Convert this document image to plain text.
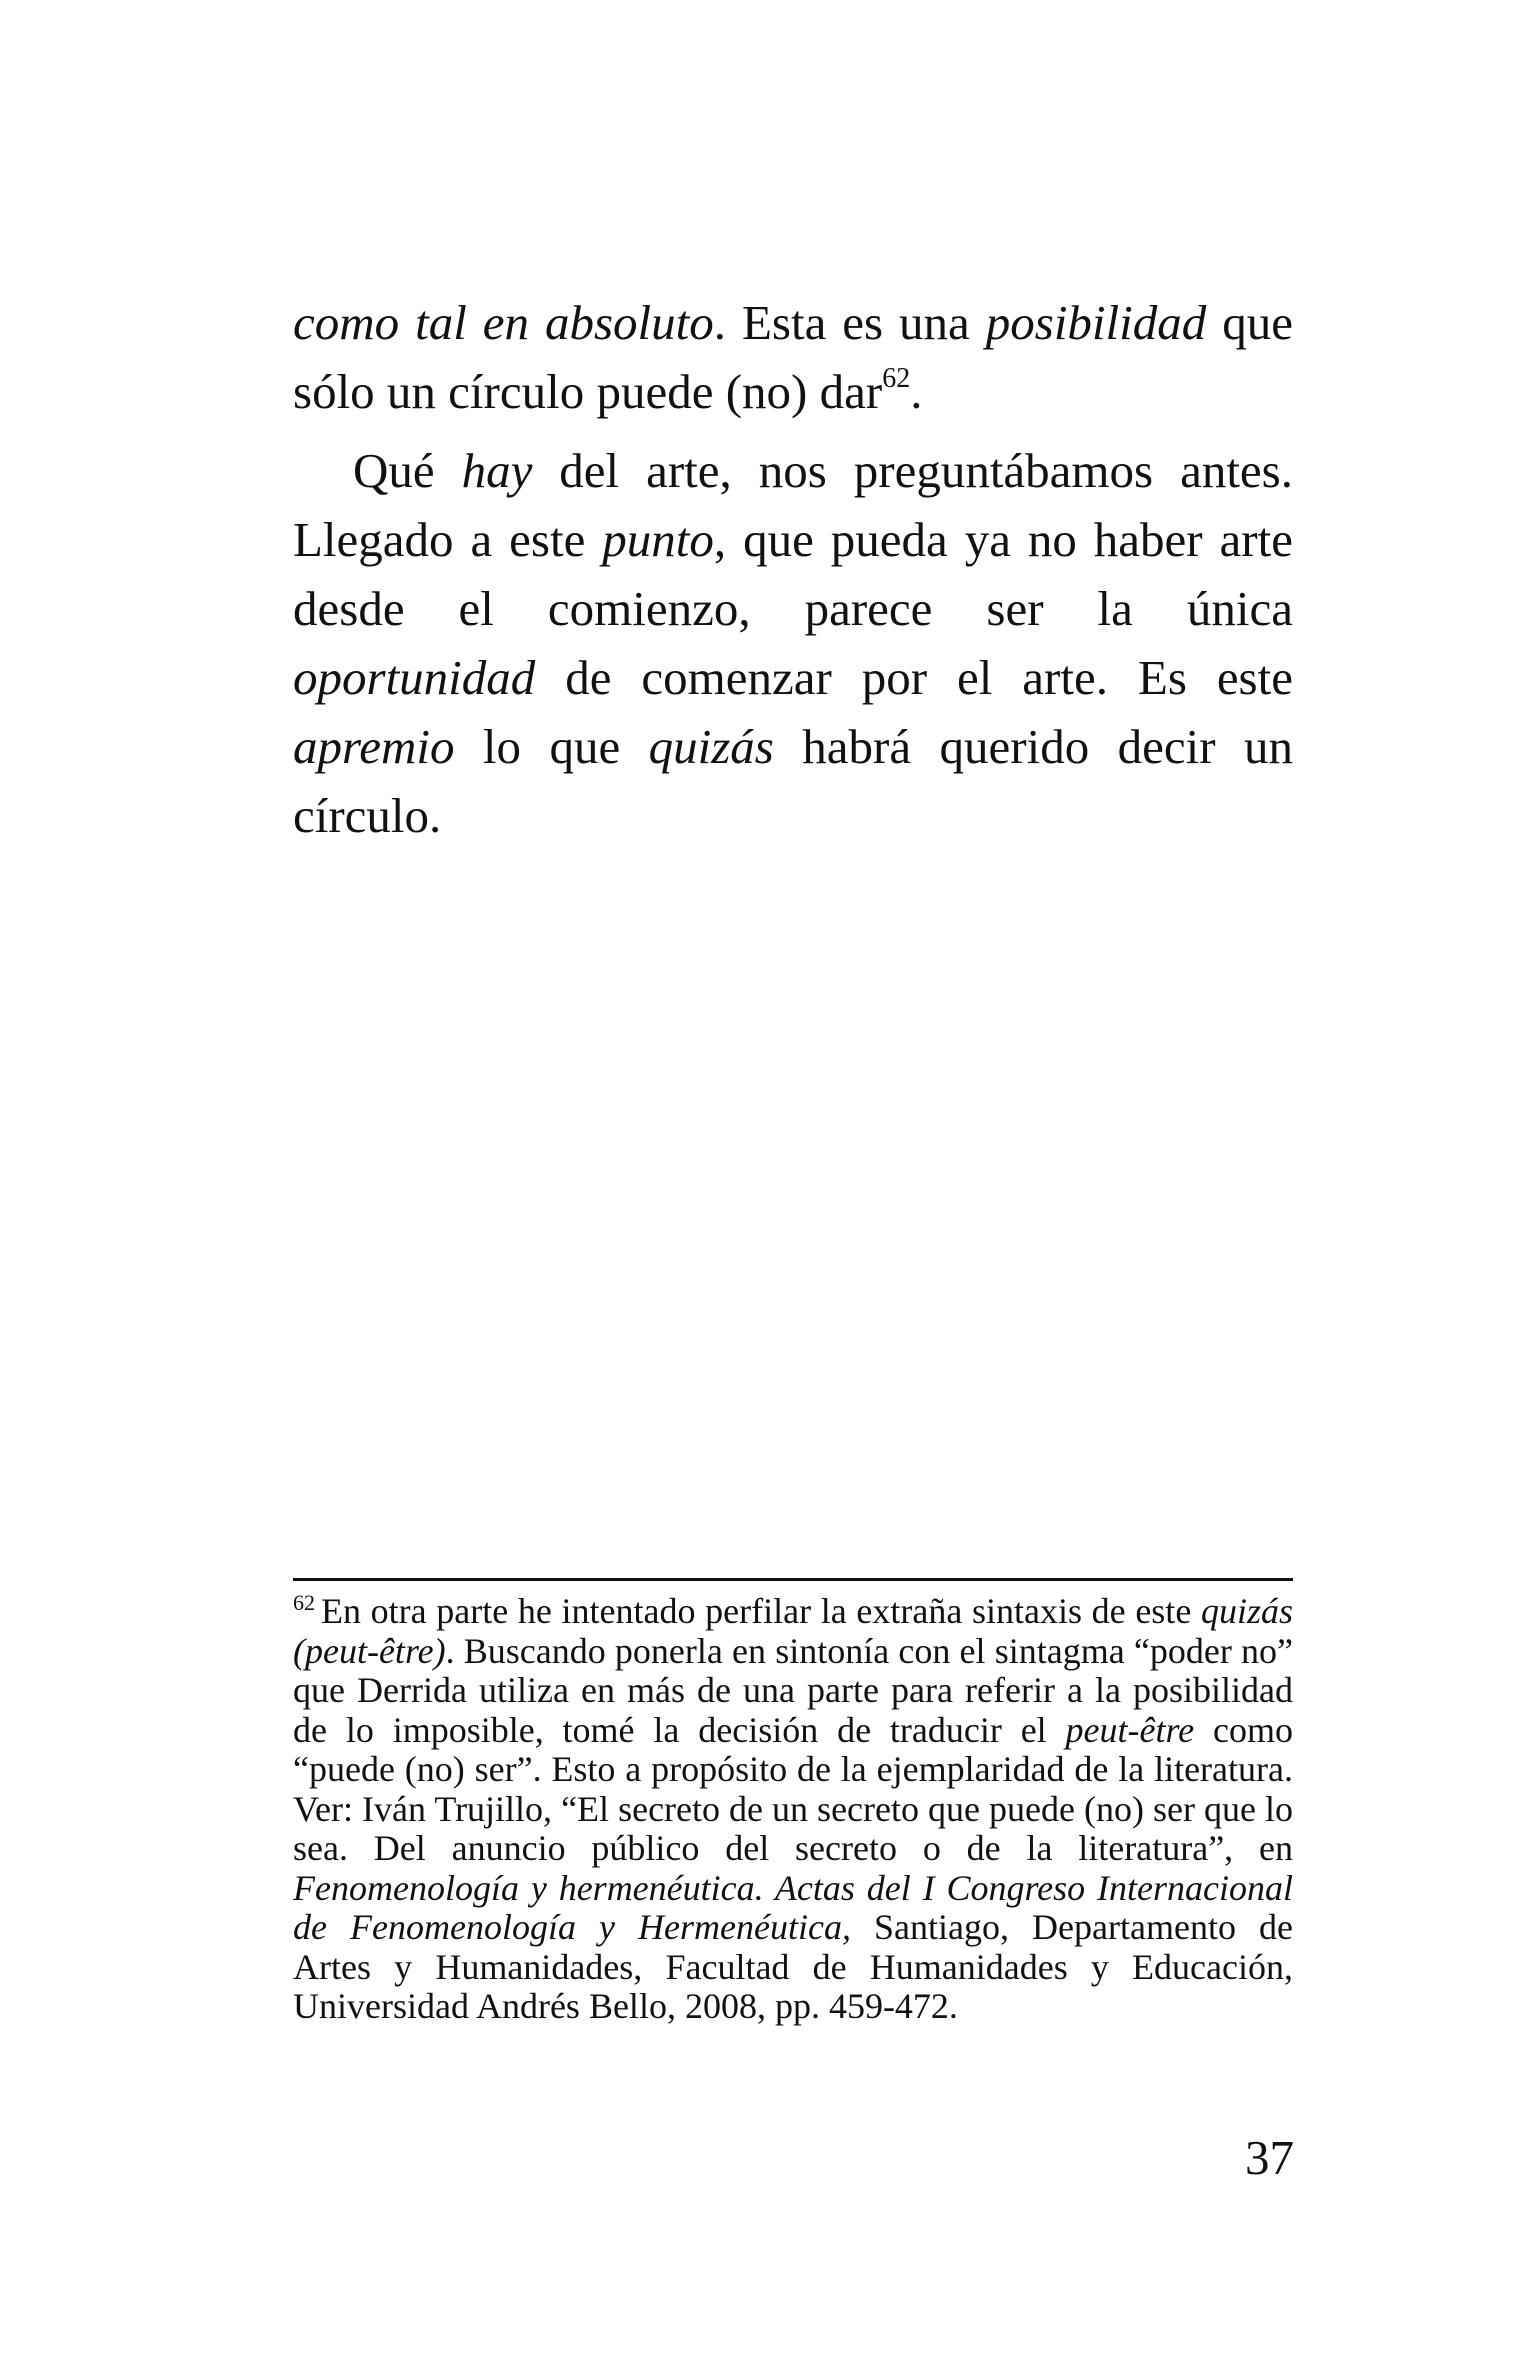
como tal en absoluto. Esta es una posibilidad que sólo un círculo puede (no) dar$^{62}$.

Qué hay del arte, nos preguntábamos antes. Llegado a este punto, que pueda ya no haber arte desde el comienzo, parece ser la única oportunidad de comenzar por el arte. Es este apremio lo que quizás habrá querido decir un círculo.

$^{62}$ En otra parte he intentado perfilar la extraña sintaxis de este quizás (peut-être). Buscando ponerla en sintonía con el sintagma “poder no” que Derrida utiliza en más de una parte para referir a la posibilidad de lo imposible, tomé la decisión de traducir el peut-être como “puede (no) ser”. Esto a propósito de la ejemplaridad de la literatura. Ver: Iván Trujillo, “El secreto de un secreto que puede (no) ser que lo sea. Del anuncio público del secreto o de la literatura”, en Fenomenología y hermenéutica. Actas del I Congreso Internacional de Fenomenología y Hermenéutica, Santiago, Departamento de Artes y Humanidades, Facultad de Humanidades y Educación, Universidad Andrés Bello, 2008, pp. 459-472.

37
